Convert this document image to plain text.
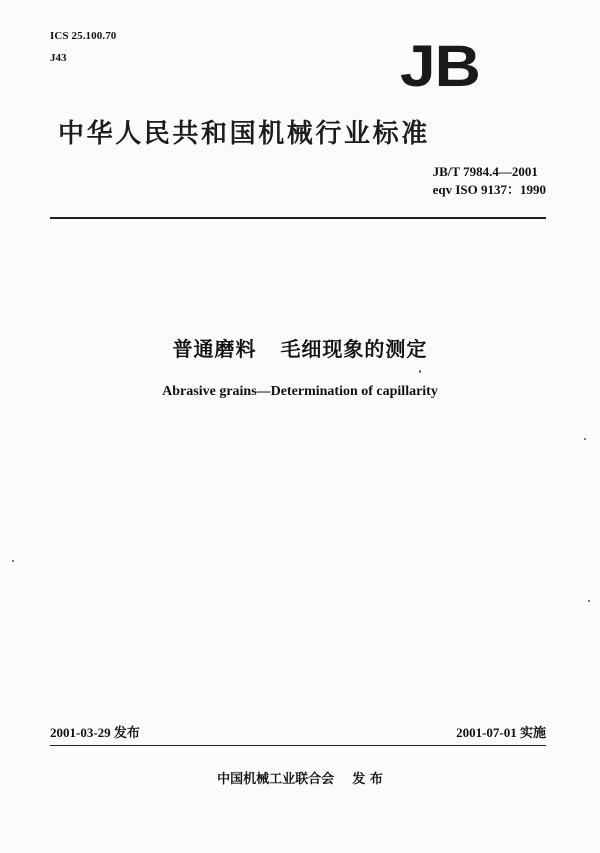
ICS 25.100.70
J43	JB
中华人民共和国机械行业标准
JB/T 7984.4—2001
eqv ISO 9137：1990
普通磨料 毛细现象的测定
Abrasive grains—Determination of capillarity
2001-03-29 发布	2001-07-01 实施
中国机械工业联合会 发 布
